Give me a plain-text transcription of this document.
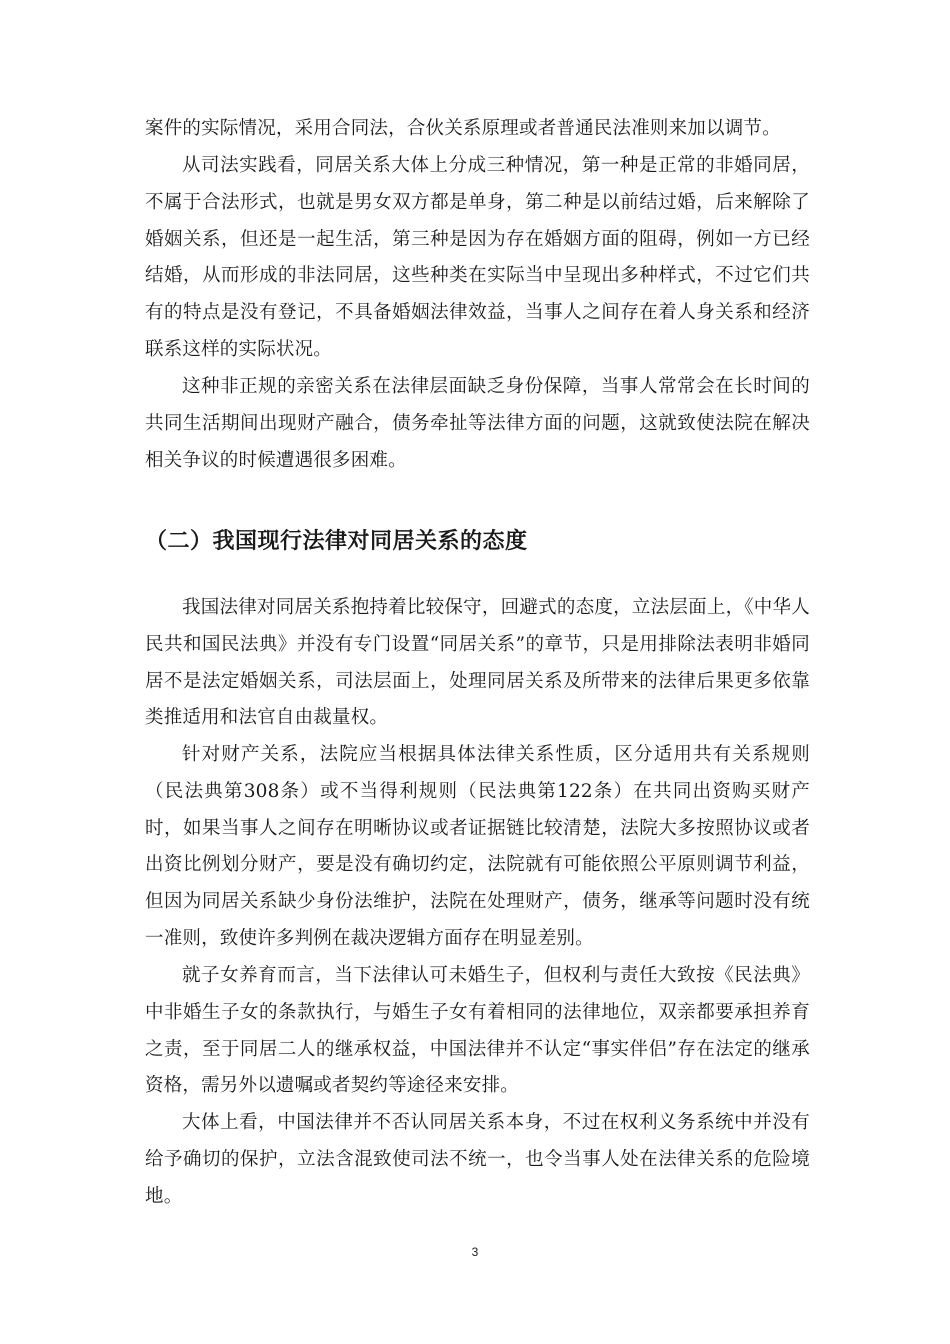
案件的实际情况，采用合同法，合伙关系原理或者普通民法准则来加以调节。

从司法实践看，同居关系大体上分成三种情况，第一种是正常的非婚同居，不属于合法形式，也就是男女双方都是单身，第二种是以前结过婚，后来解除了婚姻关系，但还是一起生活，第三种是因为存在婚姻方面的阻碍，例如一方已经结婚，从而形成的非法同居，这些种类在实际当中呈现出多种样式，不过它们共有的特点是没有登记，不具备婚姻法律效益，当事人之间存在着人身关系和经济联系这样的实际状况。

这种非正规的亲密关系在法律层面缺乏身份保障，当事人常常会在长时间的共同生活期间出现财产融合，债务牵扯等法律方面的问题，这就致使法院在解决相关争议的时候遭遇很多困难。

（二）我国现行法律对同居关系的态度

我国法律对同居关系抱持着比较保守，回避式的态度，立法层面上，《中华人民共和国民法典》并没有专门设置“同居关系”的章节，只是用排除法表明非婚同居不是法定婚姻关系，司法层面上，处理同居关系及所带来的法律后果更多依靠类推适用和法官自由裁量权。

针对财产关系，法院应当根据具体法律关系性质，区分适用共有关系规则（民法典第308条）或不当得利规则（民法典第122条）在共同出资购买财产时，如果当事人之间存在明晰协议或者证据链比较清楚，法院大多按照协议或者出资比例划分财产，要是没有确切约定，法院就有可能依照公平原则调节利益，但因为同居关系缺少身份法维护，法院在处理财产，债务，继承等问题时没有统一准则，致使许多判例在裁决逻辑方面存在明显差别。

就子女养育而言，当下法律认可未婚生子，但权利与责任大致按《民法典》中非婚生子女的条款执行，与婚生子女有着相同的法律地位，双亲都要承担养育之责，至于同居二人的继承权益，中国法律并不认定“事实伴侣”存在法定的继承资格，需另外以遗嘱或者契约等途径来安排。

大体上看，中国法律并不否认同居关系本身，不过在权利义务系统中并没有给予确切的保护，立法含混致使司法不统一，也令当事人处在法律关系的危险境地。

3
